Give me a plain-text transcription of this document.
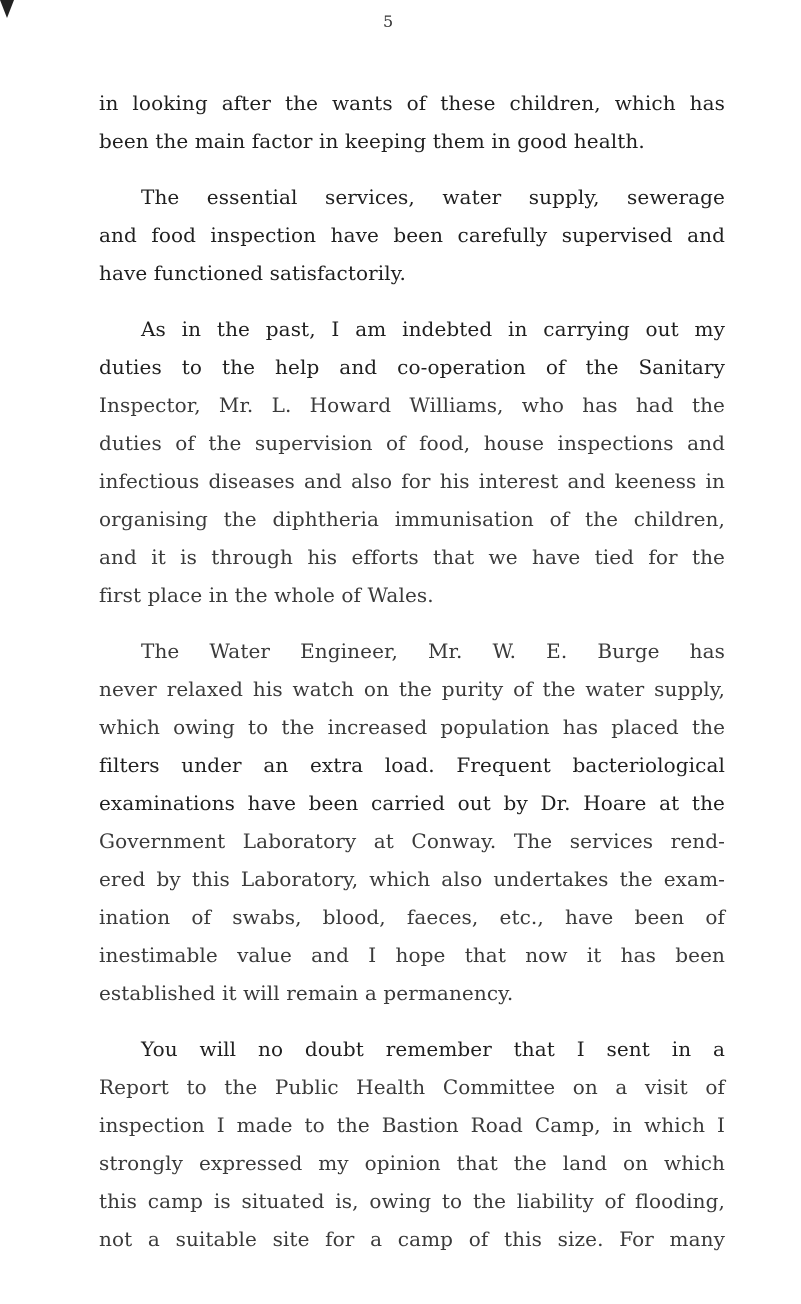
5
in looking after the wants of these children, which has
been the main factor in keeping them in good health.
The essential services, water supply, sewerage
and food inspection have been carefully supervised and
have functioned satisfactorily.
As in the past, I am indebted in carrying out my
duties to the help and co-operation of the Sanitary
Inspector, Mr. L. Howard Williams, who has had the
duties of the supervision of food, house inspections and
infectious diseases and also for his interest and keeness in
organising the diphtheria immunisation of the children,
and it is through his efforts that we have tied for the
first place in the whole of Wales.
The Water Engineer, Mr. W. E. Burge has
never relaxed his watch on the purity of the water supply,
which owing to the increased population has placed the
filters under an extra load. Frequent bacteriological
examinations have been carried out by Dr. Hoare at the
Government Laboratory at Conway. The services rend-
ered by this Laboratory, which also undertakes the exam-
ination of swabs, blood, faeces, etc., have been of
inestimable value and I hope that now it has been
established it will remain a permanency.
You will no doubt remember that I sent in a
Report to the Public Health Committee on a visit of
inspection I made to the Bastion Road Camp, in which I
strongly expressed my opinion that the land on which
this camp is situated is, owing to the liability of flooding,
not a suitable site for a camp of this size. For many
